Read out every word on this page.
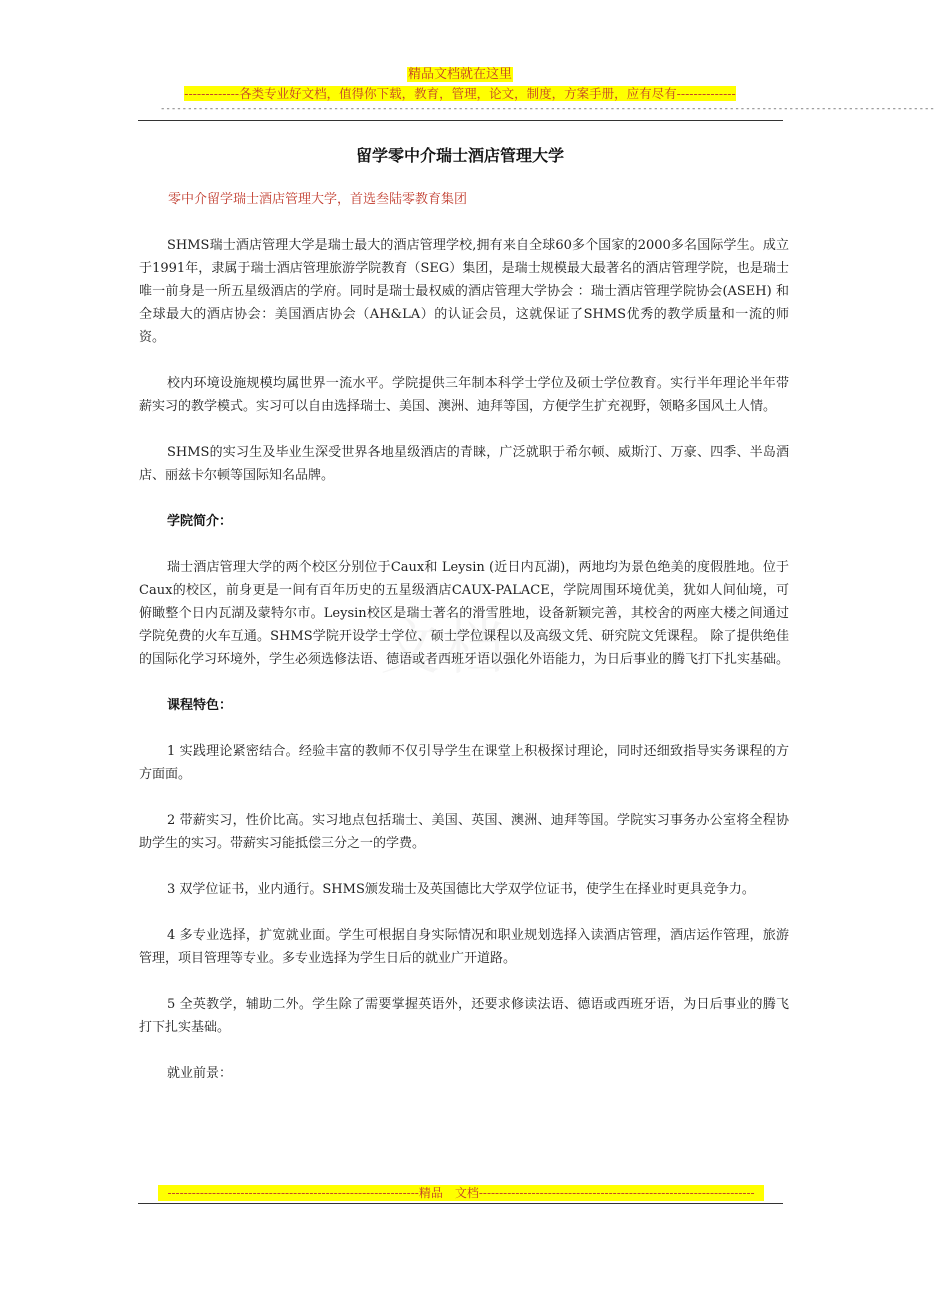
精品文档就在这里
-------------各类专业好文档，值得你下载，教育，管理，论文，制度，方案手册，应有尽有--------------
-----------------------------------------------------------------------------------------------------------------------------------------------
留学零中介瑞士酒店管理大学
零中介留学瑞士酒店管理大学，首选叁陆零教育集团

SHMS瑞士酒店管理大学是瑞士最大的酒店管理学校,拥有来自全球60多个国家的2000多名国际学生。成立于1991年，隶属于瑞士酒店管理旅游学院教育（SEG）集团，是瑞士规模最大最著名的酒店管理学院，也是瑞士唯一前身是一所五星级酒店的学府。同时是瑞士最权威的酒店管理大学协会 ：瑞士酒店管理学院协会(ASEH) 和全球最大的酒店协会：美国酒店协会（AH&LA）的认证会员，这就保证了SHMS优秀的教学质量和一流的师资。

校内环境设施规模均属世界一流水平。学院提供三年制本科学士学位及硕士学位教育。实行半年理论半年带薪实习的教学模式。实习可以自由选择瑞士、美国、澳洲、迪拜等国，方便学生扩充视野，领略多国风土人情。

SHMS的实习生及毕业生深受世界各地星级酒店的青睐，广泛就职于希尔顿、威斯汀、万豪、四季、半岛酒店、丽兹卡尔顿等国际知名品牌。

学院简介：

瑞士酒店管理大学的两个校区分别位于Caux和 Leysin (近日内瓦湖)，两地均为景色绝美的度假胜地。位于 Caux的校区，前身更是一间有百年历史的五星级酒店CAUX-PALACE，学院周围环境优美，犹如人间仙境，可俯瞰整个日内瓦湖及蒙特尔市。Leysin校区是瑞士著名的滑雪胜地，设备新颖完善，其校舍的两座大楼之间通过学院免费的火车互通。SHMS学院开设学士学位、硕士学位课程以及高级文凭、研究院文凭课程。 除了提供绝佳的国际化学习环境外，学生必须选修法语、德语或者西班牙语以强化外语能力，为日后事业的腾飞打下扎实基础。

课程特色：

1 实践理论紧密结合。经验丰富的教师不仅引导学生在课堂上积极探讨理论，同时还细致指导实务课程的方方面面。

2 带薪实习，性价比高。实习地点包括瑞士、美国、英国、澳洲、迪拜等国。学院实习事务办公室将全程协助学生的实习。带薪实习能抵偿三分之一的学费。

3 双学位证书，业内通行。SHMS颁发瑞士及英国德比大学双学位证书，使学生在择业时更具竞争力。

4 多专业选择，扩宽就业面。学生可根据自身实际情况和职业规划选择入读酒店管理，酒店运作管理，旅游管理，项目管理等专业。多专业选择为学生日后的就业广开道路。

5 全英教学，辅助二外。学生除了需要掌握英语外，还要求修读法语、德语或西班牙语，为日后事业的腾飞打下扎实基础。

就业前景：

--------------------------------------------------------------精品　文档--------------------------------------------------------------------
